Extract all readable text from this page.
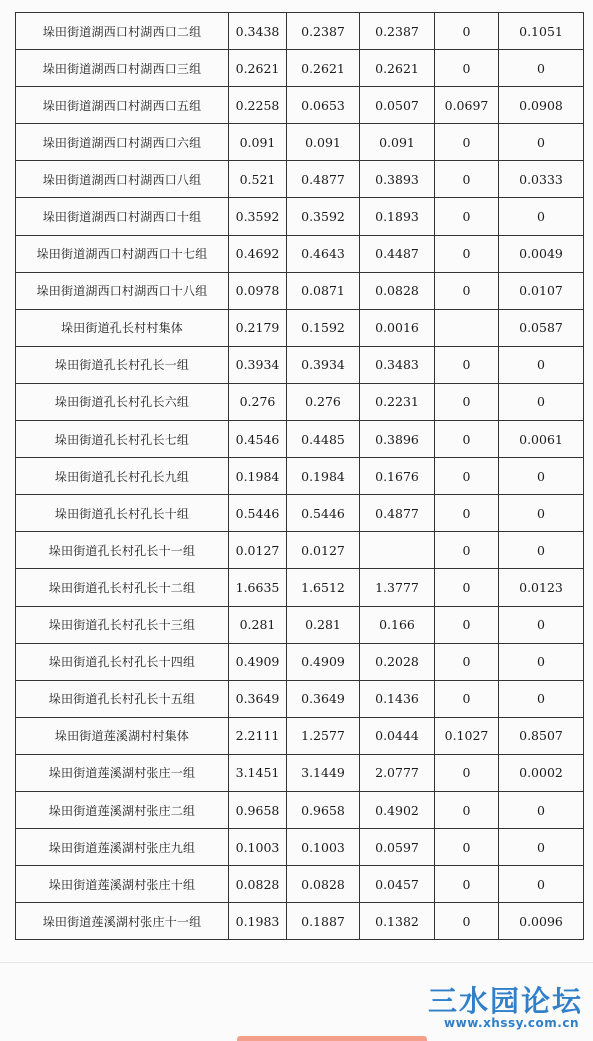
垛田街道湖西口村湖西口二组	0.3438	0.2387	0.2387	0	0.1051
垛田街道湖西口村湖西口三组	0.2621	0.2621	0.2621	0	0
垛田街道湖西口村湖西口五组	0.2258	0.0653	0.0507	0.0697	0.0908
垛田街道湖西口村湖西口六组	0.091	0.091	0.091	0	0
垛田街道湖西口村湖西口八组	0.521	0.4877	0.3893	0	0.0333
垛田街道湖西口村湖西口十组	0.3592	0.3592	0.1893	0	0
垛田街道湖西口村湖西口十七组	0.4692	0.4643	0.4487	0	0.0049
垛田街道湖西口村湖西口十八组	0.0978	0.0871	0.0828	0	0.0107
垛田街道孔长村村集体	0.2179	0.1592	0.0016		0.0587
垛田街道孔长村孔长一组	0.3934	0.3934	0.3483	0	0
垛田街道孔长村孔长六组	0.276	0.276	0.2231	0	0
垛田街道孔长村孔长七组	0.4546	0.4485	0.3896	0	0.0061
垛田街道孔长村孔长九组	0.1984	0.1984	0.1676	0	0
垛田街道孔长村孔长十组	0.5446	0.5446	0.4877	0	0
垛田街道孔长村孔长十一组	0.0127	0.0127		0	0
垛田街道孔长村孔长十二组	1.6635	1.6512	1.3777	0	0.0123
垛田街道孔长村孔长十三组	0.281	0.281	0.166	0	0
垛田街道孔长村孔长十四组	0.4909	0.4909	0.2028	0	0
垛田街道孔长村孔长十五组	0.3649	0.3649	0.1436	0	0
垛田街道莲溪湖村村集体	2.2111	1.2577	0.0444	0.1027	0.8507
垛田街道莲溪湖村张庄一组	3.1451	3.1449	2.0777	0	0.0002
垛田街道莲溪湖村张庄二组	0.9658	0.9658	0.4902	0	0
垛田街道莲溪湖村张庄九组	0.1003	0.1003	0.0597	0	0
垛田街道莲溪湖村张庄十组	0.0828	0.0828	0.0457	0	0
垛田街道莲溪湖村张庄十一组	0.1983	0.1887	0.1382	0	0.0096
三水园论坛
www.xhssy.com.cn
